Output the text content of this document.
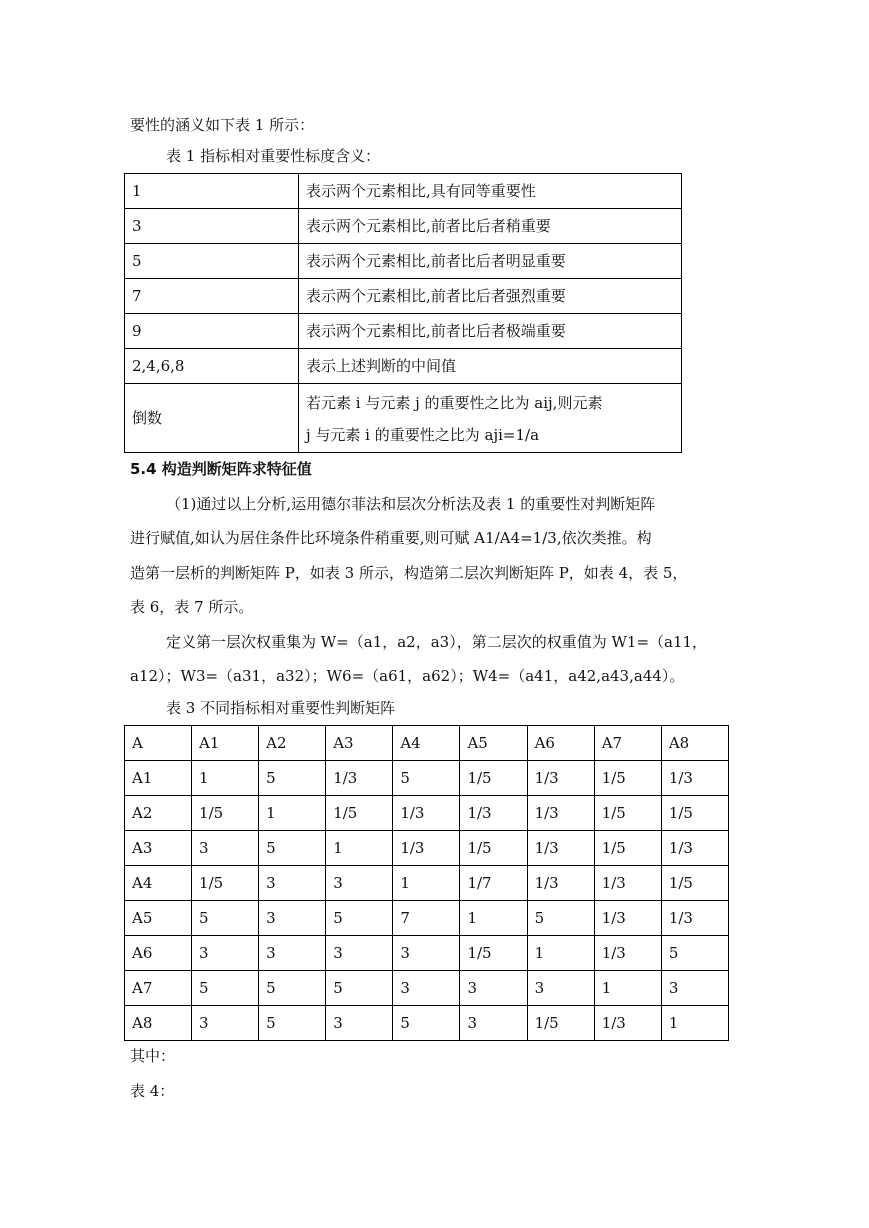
要性的涵义如下表 1 所示：
表 1 指标相对重要性标度含义：
1	表示两个元素相比,具有同等重要性
3	表示两个元素相比,前者比后者稍重要
5	表示两个元素相比,前者比后者明显重要
7	表示两个元素相比,前者比后者强烈重要
9	表示两个元素相比,前者比后者极端重要
2,4,6,8	表示上述判断的中间值
倒数	若元素 i 与元素 j 的重要性之比为 aij,则元素
j 与元素 i 的重要性之比为 aji=1/a
5.4 构造判断矩阵求特征值
（1)通过以上分析,运用德尔菲法和层次分析法及表 1 的重要性对判断矩阵
进行赋值,如认为居住条件比环境条件稍重要,则可赋 A1/A4=1/3,依次类推。构
造第一层析的判断矩阵 P，如表 3 所示，构造第二层次判断矩阵 P，如表 4，表 5，
表 6，表 7 所示。
定义第一层次权重集为 W=（a1，a2，a3），第二层次的权重值为 W1=（a11，
a12）；W3=（a31，a32）；W6=（a61，a62）；W4=（a41，a42,a43,a44）。
表 3 不同指标相对重要性判断矩阵
A	A1	A2	A3	A4	A5	A6	A7	A8
A1	1	5	1/3	5	1/5	1/3	1/5	1/3
A2	1/5	1	1/5	1/3	1/3	1/3	1/5	1/5
A3	3	5	1	1/3	1/5	1/3	1/5	1/3
A4	1/5	3	3	1	1/7	1/3	1/3	1/5
A5	5	3	5	7	1	5	1/3	1/3
A6	3	3	3	3	1/5	1	1/3	5
A7	5	5	5	3	3	3	1	3
A8	3	5	3	5	3	1/5	1/3	1
其中：
表 4：
